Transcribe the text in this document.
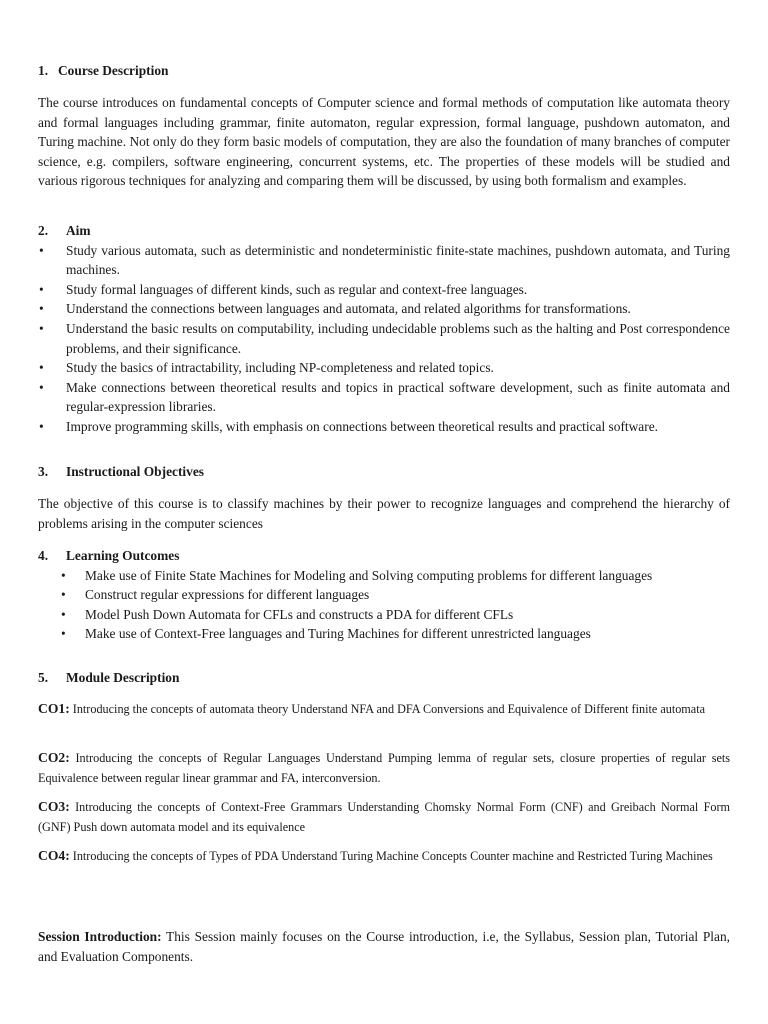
1. Course Description

The course introduces on fundamental concepts of Computer science and formal methods of computation like automata theory and formal languages including grammar, finite automaton, regular expression, formal language, pushdown automaton, and Turing machine. Not only do they form basic models of computation, they are also the foundation of many branches of computer science, e.g. compilers, software engineering, concurrent systems, etc. The properties of these models will be studied and various rigorous techniques for analyzing and comparing them will be discussed, by using both formalism and examples.

2. Aim
• Study various automata, such as deterministic and nondeterministic finite-state machines, pushdown automata, and Turing machines.
• Study formal languages of different kinds, such as regular and context-free languages.
• Understand the connections between languages and automata, and related algorithms for transformations.
• Understand the basic results on computability, including undecidable problems such as the halting and Post correspondence problems, and their significance.
• Study the basics of intractability, including NP-completeness and related topics.
• Make connections between theoretical results and topics in practical software development, such as finite automata and regular-expression libraries.
• Improve programming skills, with emphasis on connections between theoretical results and practical software.
3. Instructional Objectives

The objective of this course is to classify machines by their power to recognize languages and comprehend the hierarchy of problems arising in the computer sciences

4. Learning Outcomes
• Make use of Finite State Machines for Modeling and Solving computing problems for different languages
• Construct regular expressions for different languages
• Model Push Down Automata for CFLs and constructs a PDA for different CFLs
• Make use of Context-Free languages and Turing Machines for different unrestricted languages
5. Module Description

CO1: Introducing the concepts of automata theory Understand NFA and DFA Conversions and Equivalence of Different finite automata

CO2: Introducing the concepts of Regular Languages Understand Pumping lemma of regular sets, closure properties of regular sets Equivalence between regular linear grammar and FA, interconversion.

CO3: Introducing the concepts of Context-Free Grammars Understanding Chomsky Normal Form (CNF) and Greibach Normal Form (GNF) Push down automata model and its equivalence

CO4: Introducing the concepts of Types of PDA Understand Turing Machine Concepts Counter machine and Restricted Turing Machines

Session Introduction: This Session mainly focuses on the Course introduction, i.e, the Syllabus, Session plan, Tutorial Plan, and Evaluation Components.
